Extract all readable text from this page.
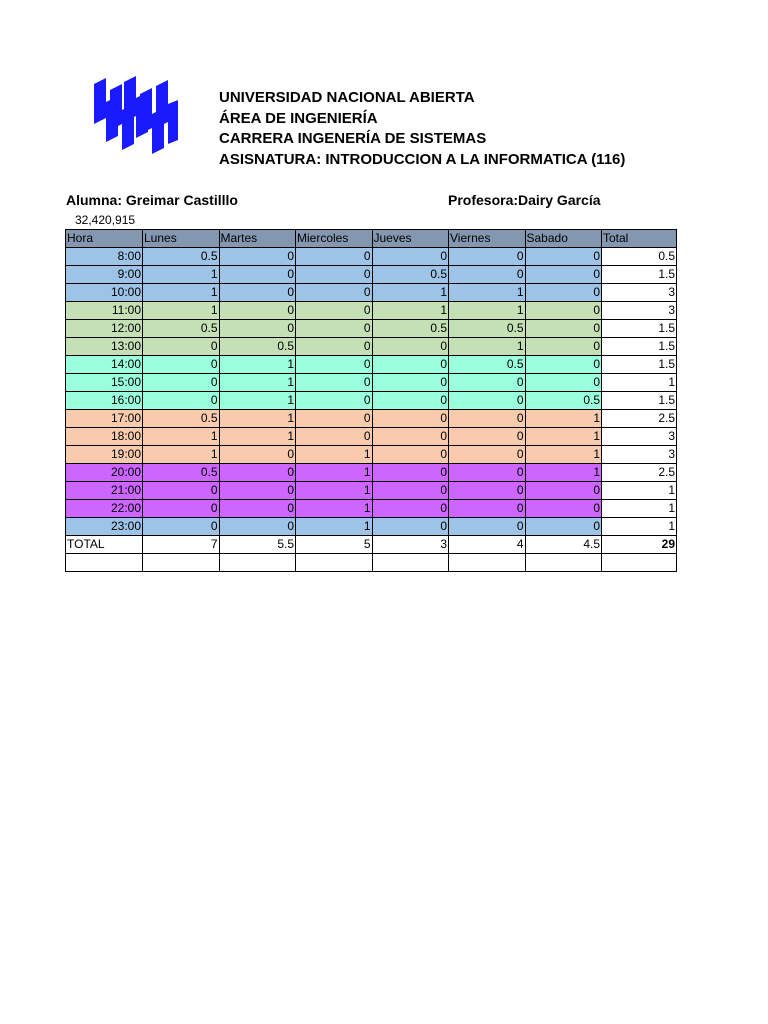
UNIVERSIDAD NACIONAL ABIERTA
ÁREA DE INGENIERÍA
CARRERA INGENERÍA DE SISTEMAS
ASISNATURA: INTRODUCCION A LA INFORMATICA (116)
Alumna: Greimar Castilllo	Profesora:Dairy García
32,420,915
Hora	Lunes	Martes	Miercoles	Jueves	Viernes	Sabado	Total
8:00	0.5	0	0	0	0	0	0.5
9:00	1	0	0	0.5	0	0	1.5
10:00	1	0	0	1	1	0	3
11:00	1	0	0	1	1	0	3
12:00	0.5	0	0	0.5	0.5	0	1.5
13:00	0	0.5	0	0	1	0	1.5
14:00	0	1	0	0	0.5	0	1.5
15:00	0	1	0	0	0	0	1
16:00	0	1	0	0	0	0.5	1.5
17:00	0.5	1	0	0	0	1	2.5
18:00	1	1	0	0	0	1	3
19:00	1	0	1	0	0	1	3
20:00	0.5	0	1	0	0	1	2.5
21:00	0	0	1	0	0	0	1
22:00	0	0	1	0	0	0	1
23:00	0	0	1	0	0	0	1
TOTAL	7	5.5	5	3	4	4.5	29
